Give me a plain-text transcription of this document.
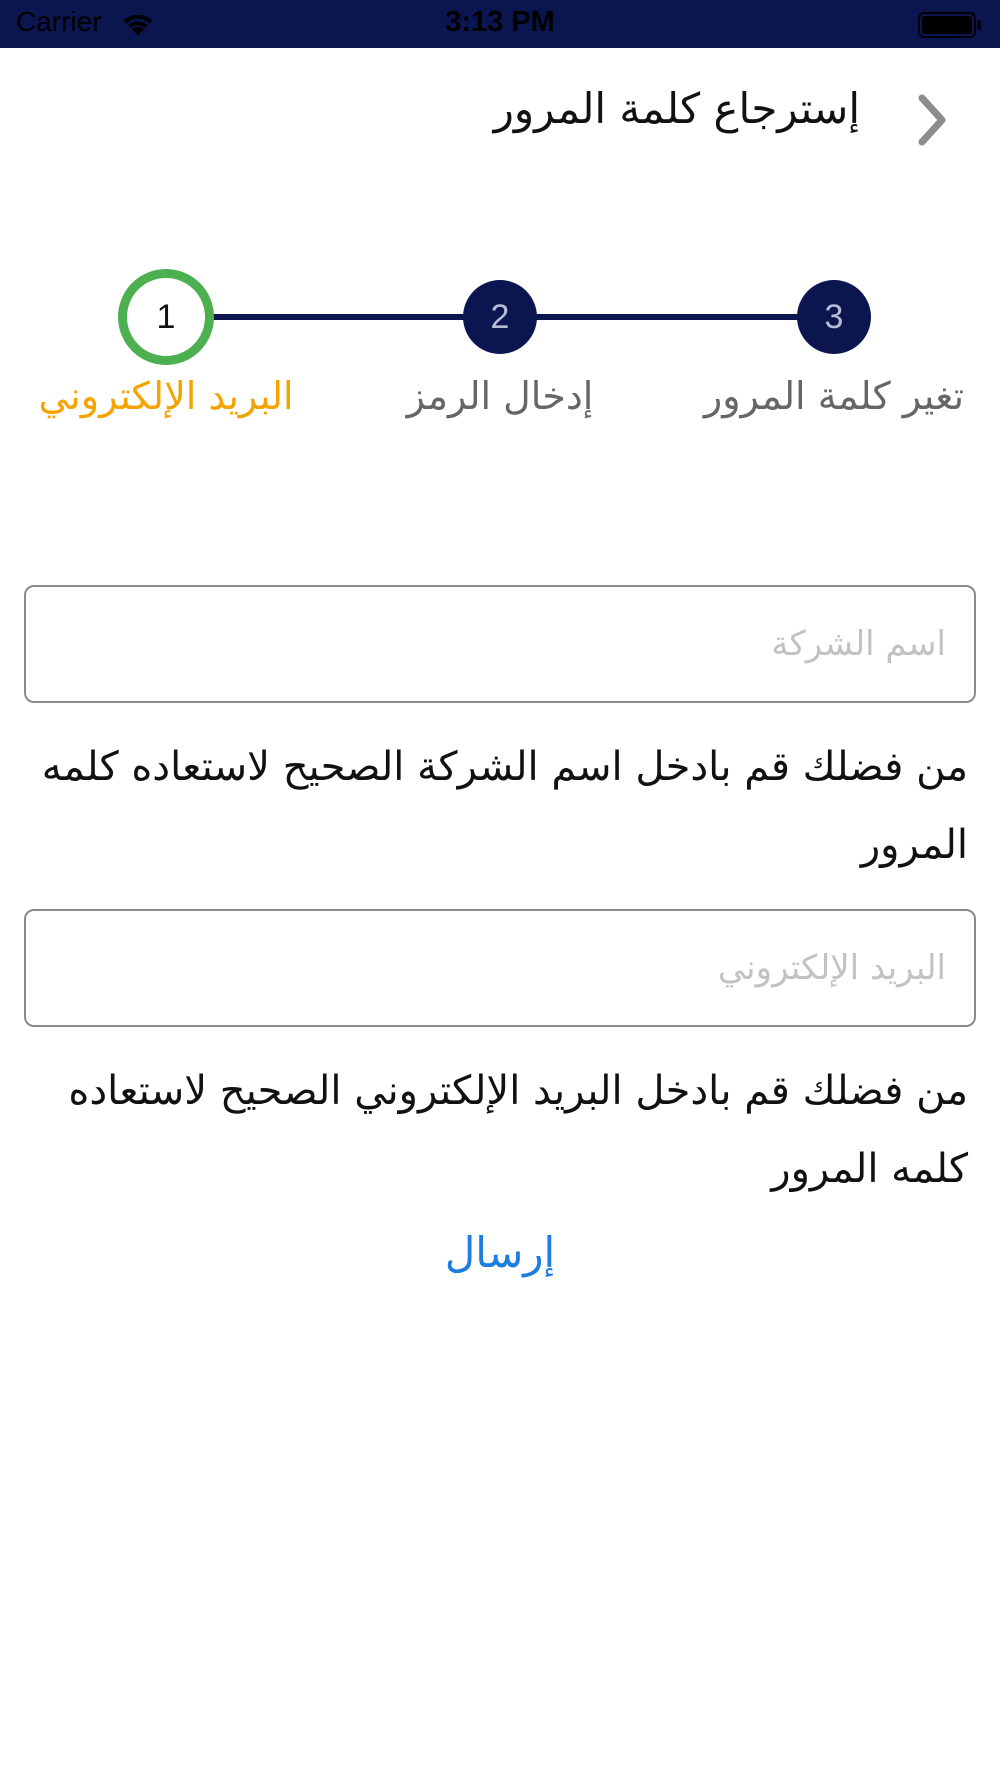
Carrier	3:13 PM
إسترجاع كلمة المرور
1	2	3
البريد الإلكتروني	إدخال الرمز	تغير كلمة المرور
اسم الشركة
من فضلك قم بادخل اسم الشركة الصحيح لاستعاده كلمه المرور
البريد الإلكتروني
من فضلك قم بادخل البريد الإلكتروني الصحيح لاستعاده كلمه المرور
إرسال
